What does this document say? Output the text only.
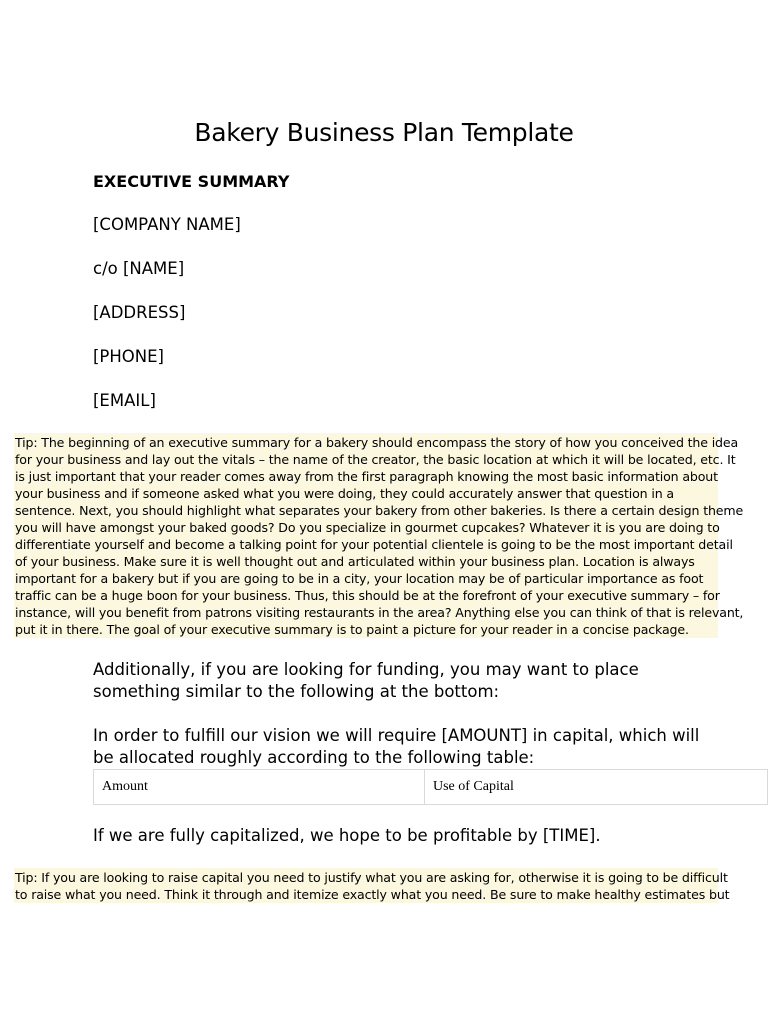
Bakery Business Plan Template

EXECUTIVE SUMMARY

[COMPANY NAME]

c/o [NAME]

[ADDRESS]

[PHONE]

[EMAIL]

Tip: The beginning of an executive summary for a bakery should encompass the story of how you conceived the idea
for your business and lay out the vitals – the name of the creator, the basic location at which it will be located, etc. It
is just important that your reader comes away from the first paragraph knowing the most basic information about
your business and if someone asked what you were doing, they could accurately answer that question in a
sentence. Next, you should highlight what separates your bakery from other bakeries. Is there a certain design theme
you will have amongst your baked goods? Do you specialize in gourmet cupcakes? Whatever it is you are doing to
differentiate yourself and become a talking point for your potential clientele is going to be the most important detail
of your business. Make sure it is well thought out and articulated within your business plan. Location is always
important for a bakery but if you are going to be in a city, your location may be of particular importance as foot
traffic can be a huge boon for your business. Thus, this should be at the forefront of your executive summary – for
instance, will you benefit from patrons visiting restaurants in the area? Anything else you can think of that is relevant,
put it in there. The goal of your executive summary is to paint a picture for your reader in a concise package.
Additionally, if you are looking for funding, you may want to place
something similar to the following at the bottom:
In order to fulfill our vision we will require [AMOUNT] in capital, which will
be allocated roughly according to the following table:
Amount	Use of Capital

If we are fully capitalized, we hope to be profitable by [TIME].

Tip: If you are looking to raise capital you need to justify what you are asking for, otherwise it is going to be difficult
to raise what you need. Think it through and itemize exactly what you need. Be sure to make healthy estimates but
